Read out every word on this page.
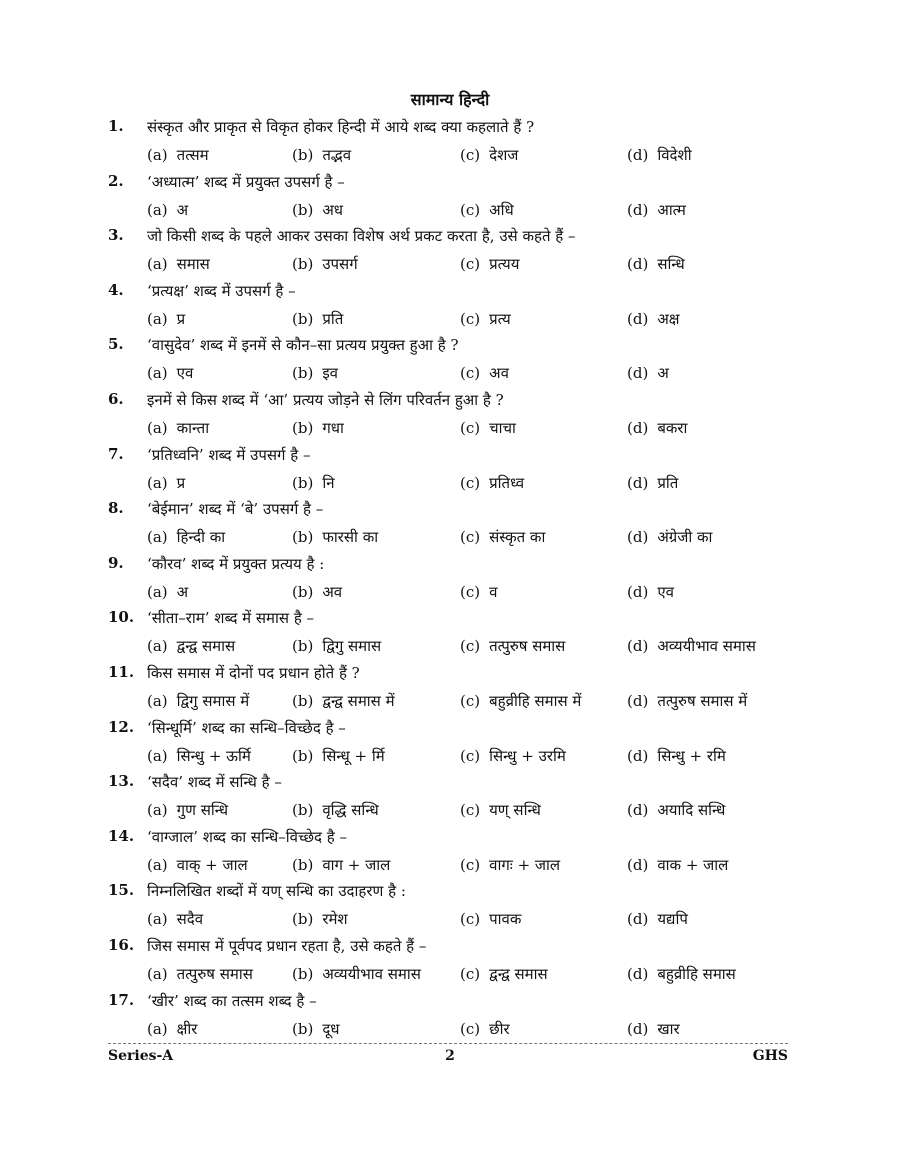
सामान्य हिन्दी
1.	संस्कृत और प्राकृत से विकृत होकर हिन्दी में आये शब्द क्या कहलाते हैं ?
(a) तत्सम	(b) तद्भव	(c) देशज	(d) विदेशी
2.	‘अध्यात्म’ शब्द में प्रयुक्त उपसर्ग है –
(a) अ	(b) अध	(c) अधि	(d) आत्म
3.	जो किसी शब्द के पहले आकर उसका विशेष अर्थ प्रकट करता है, उसे कहते हैं –
(a) समास	(b) उपसर्ग	(c) प्रत्यय	(d) सन्धि
4.	‘प्रत्यक्ष’ शब्द में उपसर्ग है –
(a) प्र	(b) प्रति	(c) प्रत्य	(d) अक्ष
5.	‘वासुदेव’ शब्द में इनमें से कौन–सा प्रत्यय प्रयुक्त हुआ है ?
(a) एव	(b) इव	(c) अव	(d) अ
6.	इनमें से किस शब्द में ‘आ’ प्रत्यय जोड़ने से लिंग परिवर्तन हुआ है ?
(a) कान्ता	(b) गधा	(c) चाचा	(d) बकरा
7.	‘प्रतिध्वनि’ शब्द में उपसर्ग है –
(a) प्र	(b) नि	(c) प्रतिध्व	(d) प्रति
8.	‘बेईमान’ शब्द में ‘बे’ उपसर्ग है –
(a) हिन्दी का	(b) फारसी का	(c) संस्कृत का	(d) अंग्रेजी का
9.	‘कौरव’ शब्द में प्रयुक्त प्रत्यय है :
(a) अ	(b) अव	(c) व	(d) एव
10. ‘सीता–राम’ शब्द में समास है –
(a) द्वन्द्व समास	(b) द्विगु समास	(c) तत्पुरुष समास	(d) अव्ययीभाव समास
11. किस समास में दोनों पद प्रधान होते हैं ?
(a) द्विगु समास में	(b) द्वन्द्व समास में	(c) बहुव्रीहि समास में	(d) तत्पुरुष समास में
12. ‘सिन्धूर्मि’ शब्द का सन्धि–विच्छेद है –
(a) सिन्धु + ऊर्मि	(b) सिन्धू + र्मि	(c) सिन्धु + उरमि	(d) सिन्धु + रमि
13. ‘सदैव’ शब्द में सन्धि है –
(a) गुण सन्धि	(b) वृद्धि सन्धि	(c) यण् सन्धि	(d) अयादि सन्धि
14. ‘वाग्जाल’ शब्द का सन्धि–विच्छेद है –
(a) वाक् + जाल	(b) वाग + जाल	(c) वागः + जाल	(d) वाक + जाल
15. निम्नलिखित शब्दों में यण् सन्धि का उदाहरण है :
(a) सदैव	(b) रमेश	(c) पावक	(d) यद्यपि
16. जिस समास में पूर्वपद प्रधान रहता है, उसे कहते हैं –
(a) तत्पुरुष समास	(b) अव्ययीभाव समास	(c) द्वन्द्व समास	(d) बहुव्रीहि समास
17. ‘खीर’ शब्द का तत्सम शब्द है –
(a) क्षीर	(b) दूध	(c) छीर	(d) खार
Series-A	2	GHS
